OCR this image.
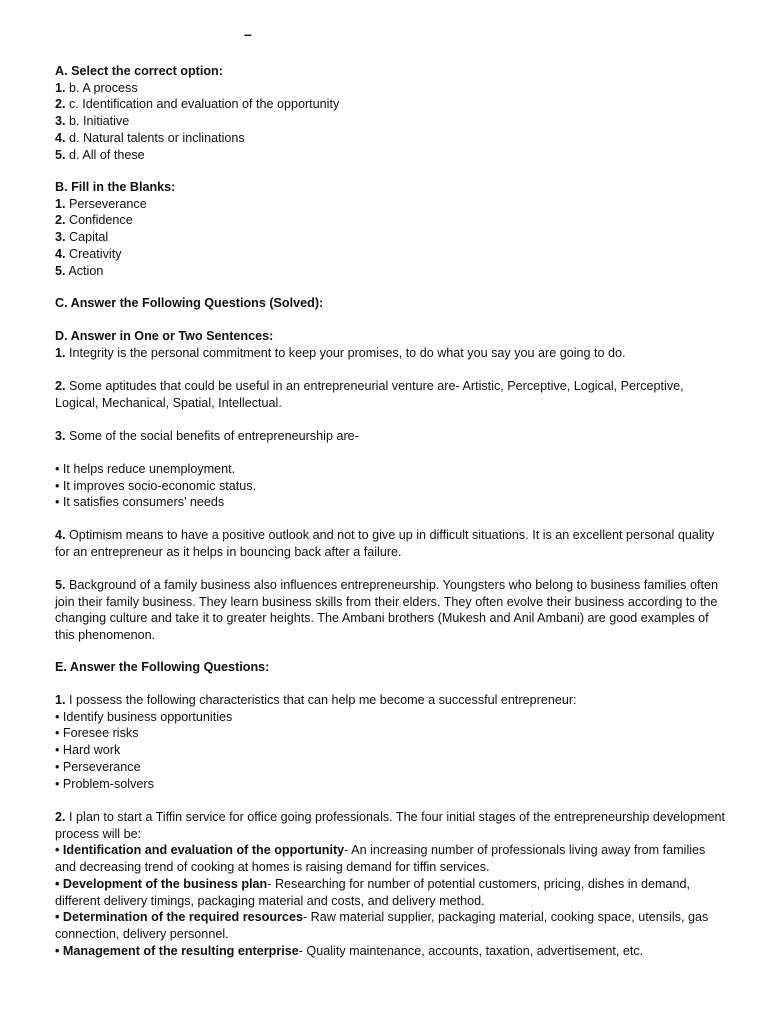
–
A. Select the correct option:
1. b. A process
2. c. Identification and evaluation of the opportunity
3. b. Initiative
4. d. Natural talents or inclinations
5. d. All of these
B. Fill in the Blanks:
1. Perseverance
2. Confidence
3. Capital
4. Creativity
5. Action
C. Answer the Following Questions (Solved):
D. Answer in One or Two Sentences:
1. Integrity is the personal commitment to keep your promises, to do what you say you are going to do.
2. Some aptitudes that could be useful in an entrepreneurial venture are- Artistic, Perceptive, Logical, Perceptive, Logical, Mechanical, Spatial, Intellectual.
3. Some of the social benefits of entrepreneurship are-
• It helps reduce unemployment.
• It improves socio-economic status.
• It satisfies consumers’ needs
4. Optimism means to have a positive outlook and not to give up in difficult situations. It is an excellent personal quality for an entrepreneur as it helps in bouncing back after a failure.
5. Background of a family business also influences entrepreneurship. Youngsters who belong to business families often join their family business. They learn business skills from their elders. They often evolve their business according to the changing culture and take it to greater heights. The Ambani brothers (Mukesh and Anil Ambani) are good examples of this phenomenon.
E. Answer the Following Questions:
1. I possess the following characteristics that can help me become a successful entrepreneur:
• Identify business opportunities
• Foresee risks
• Hard work
• Perseverance
• Problem-solvers
2. I plan to start a Tiffin service for office going professionals. The four initial stages of the entrepreneurship development process will be:
• Identification and evaluation of the opportunity- An increasing number of professionals living away from families and decreasing trend of cooking at homes is raising demand for tiffin services.
• Development of the business plan- Researching for number of potential customers, pricing, dishes in demand, different delivery timings, packaging material and costs, and delivery method.
• Determination of the required resources- Raw material supplier, packaging material, cooking space, utensils, gas connection, delivery personnel.
• Management of the resulting enterprise- Quality maintenance, accounts, taxation, advertisement, etc.
